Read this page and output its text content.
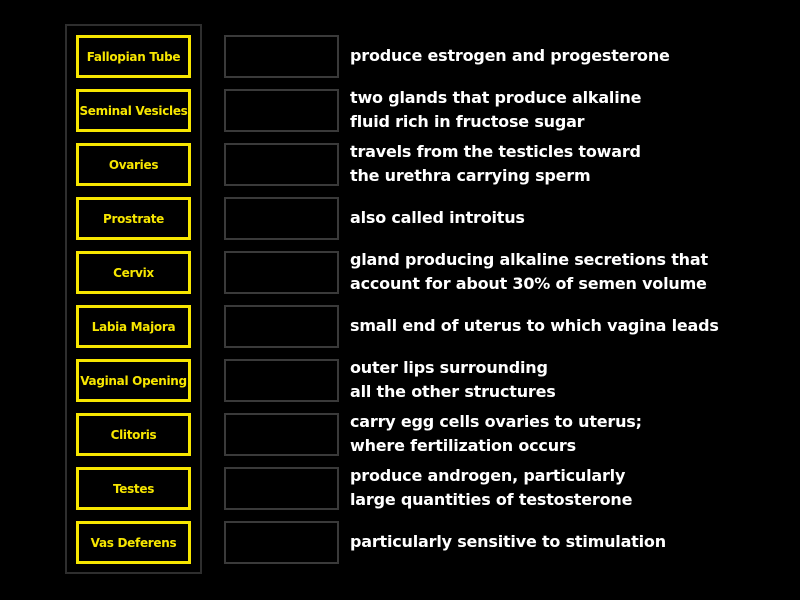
Fallopian Tube
Seminal Vesicles
Ovaries
Prostrate
Cervix
Labia Majora
Vaginal Opening
Clitoris
Testes
Vas Deferens
produce estrogen and progesterone
two glands that produce alkaline
fluid rich in fructose sugar
travels from the testicles toward
the urethra carrying sperm
also called introitus
gland producing alkaline secretions that
account for about 30% of semen volume
small end of uterus to which vagina leads
outer lips surrounding
all the other structures
carry egg cells ovaries to uterus;
where fertilization occurs
produce androgen, particularly
large quantities of testosterone
particularly sensitive to stimulation
